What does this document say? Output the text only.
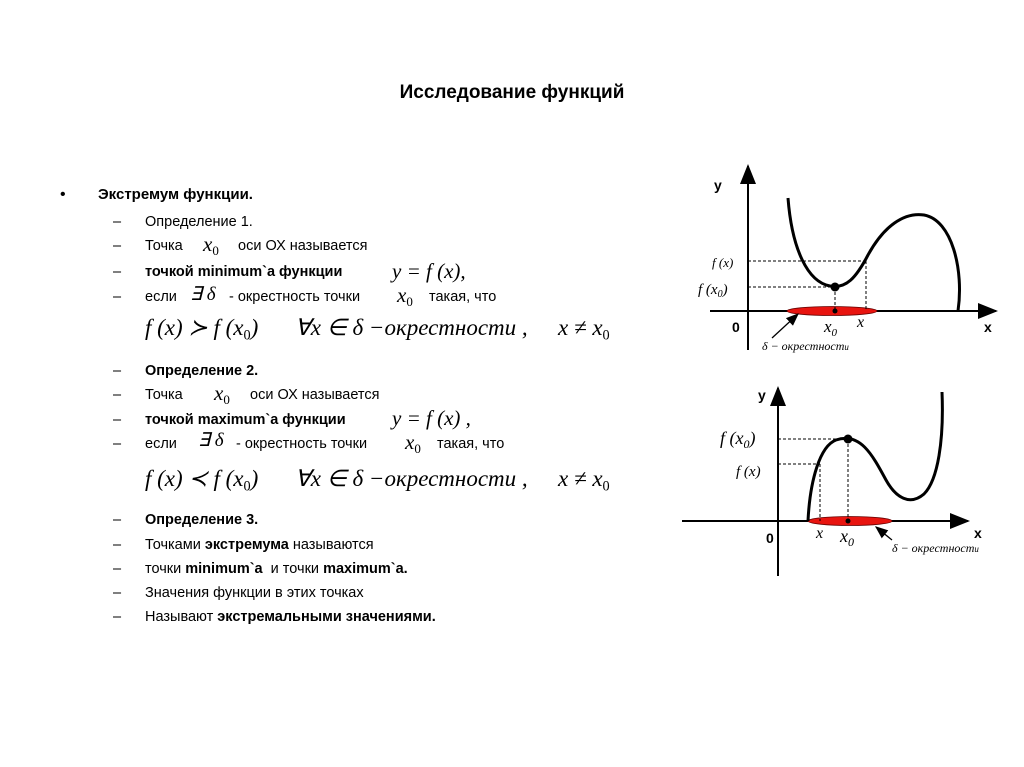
Исследование функций
• Экстремум функции.
– Определение 1.
– Точка $x_0$ оси ОХ называется
– точкой minimum`а функции y = f (x),
– если ∃ δ - окрестность точки $x_0$ такая, что
f (x) ≻ f $(x_0)$ ∀x ∈ δ −окрестности , $x \ne x_0$
– Определение 2.
– Точка $x_0$ оси ОХ называется
– точкой maximum`а функции y = f (x) ,
– если ∃ δ - окрестность точки $x_0$ такая, что
f (x) ≺ f $(x_0)$ ∀x ∈ δ −окрестности , $x \ne x_0$
– Определение 3.
– Точками экстремума называются
– точки minimum`а и точки maximum`а.
– Значения функции в этих точках
– Называют экстремальными значениями.
y
x
0
f (x)
f $(x_0)$
$x_0$
x
δ − окрестности
y
x
0
f $(x_0)$
f (x)
x $x_0$	δ − окрестности
